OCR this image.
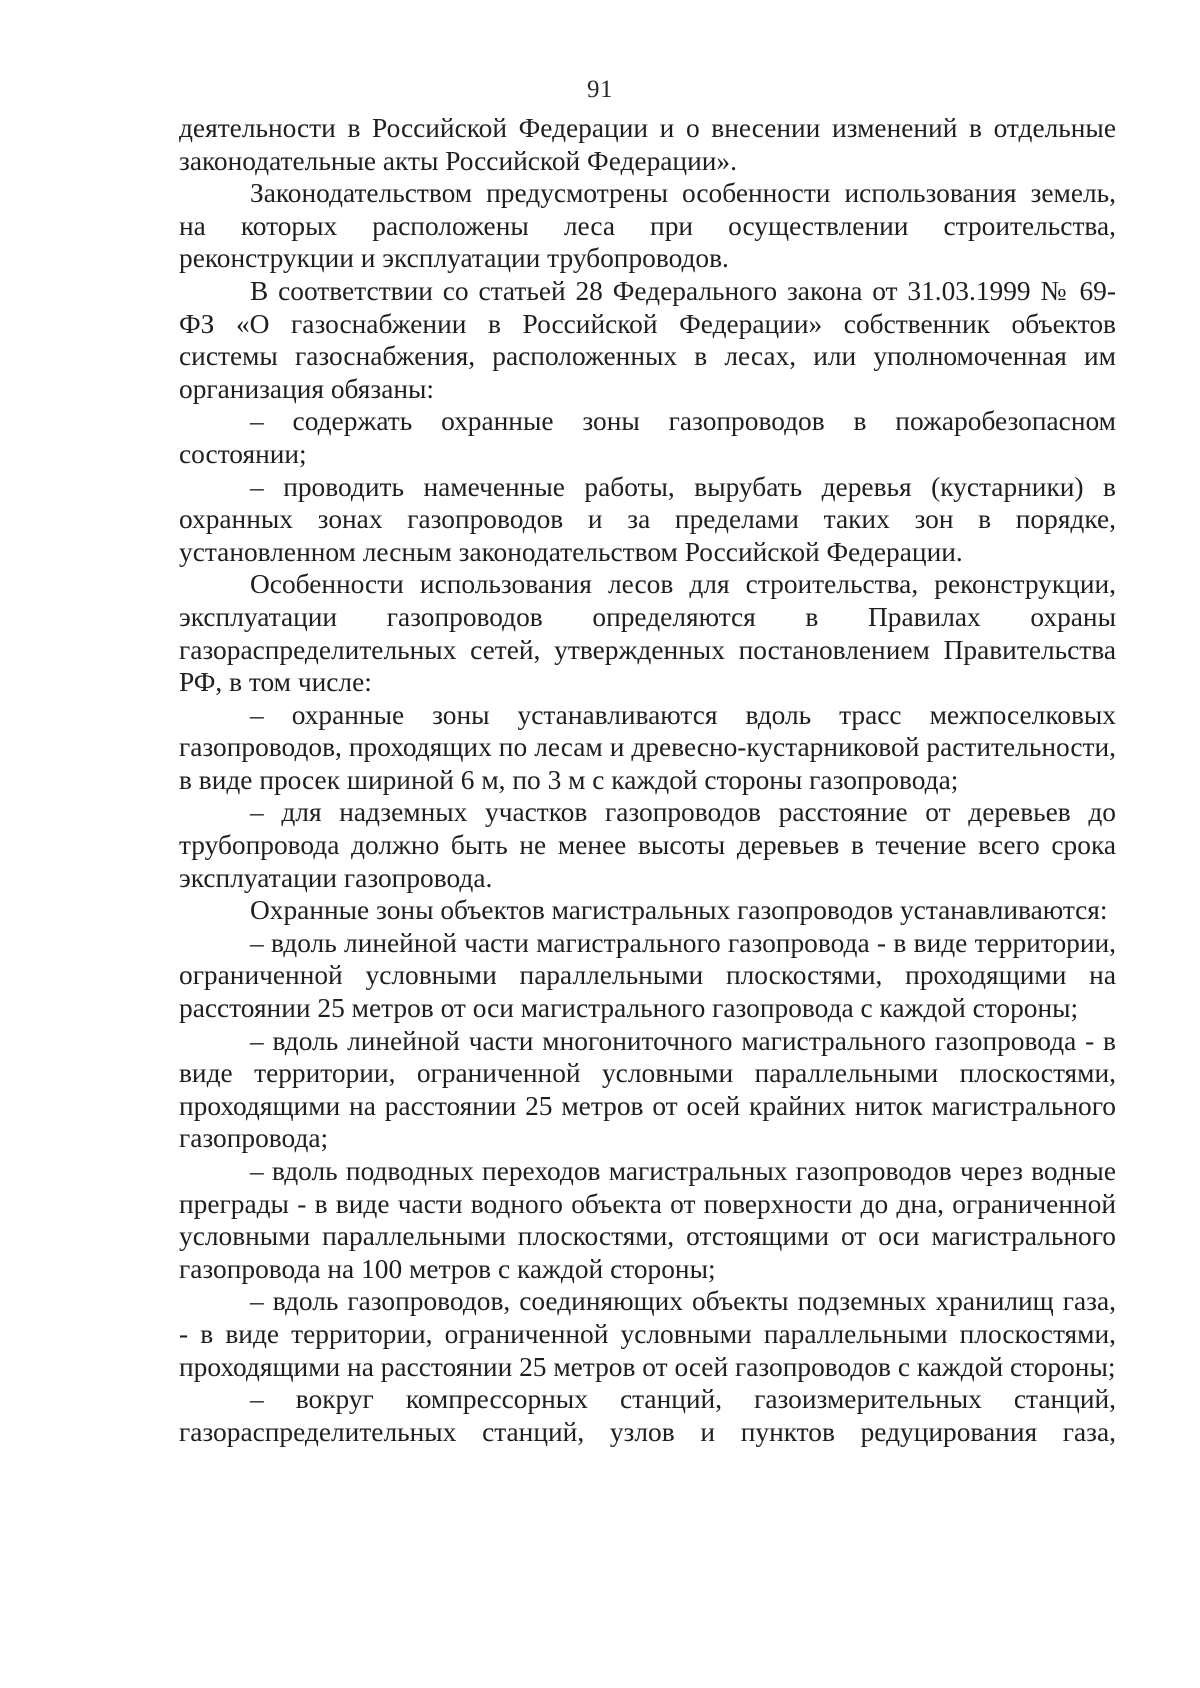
91

деятельности в Российской Федерации и о внесении изменений в отдельные законодательные акты Российской Федерации».

Законодательством предусмотрены особенности использования земель, на которых расположены леса при осуществлении строительства, реконструкции и эксплуатации трубопроводов.

В соответствии со статьей 28 Федерального закона от 31.03.1999 № 69-ФЗ «О газоснабжении в Российской Федерации» собственник объектов системы газоснабжения, расположенных в лесах, или уполномоченная им организация обязаны:

– содержать охранные зоны газопроводов в пожаробезопасном состоянии;

– проводить намеченные работы, вырубать деревья (кустарники) в охранных зонах газопроводов и за пределами таких зон в порядке, установленном лесным законодательством Российской Федерации.

Особенности использования лесов для строительства, реконструкции, эксплуатации газопроводов определяются в Правилах охраны газораспределительных сетей, утвержденных постановлением Правительства РФ, в том числе:

– охранные зоны устанавливаются вдоль трасс межпоселковых газопроводов, проходящих по лесам и древесно-кустарниковой растительности, в виде просек шириной 6 м, по 3 м с каждой стороны газопровода;

– для надземных участков газопроводов расстояние от деревьев до трубопровода должно быть не менее высоты деревьев в течение всего срока эксплуатации газопровода.

Охранные зоны объектов магистральных газопроводов устанавливаются:

– вдоль линейной части магистрального газопровода - в виде территории, ограниченной условными параллельными плоскостями, проходящими на расстоянии 25 метров от оси магистрального газопровода с каждой стороны;

– вдоль линейной части многониточного магистрального газопровода - в виде территории, ограниченной условными параллельными плоскостями, проходящими на расстоянии 25 метров от осей крайних ниток магистрального газопровода;

– вдоль подводных переходов магистральных газопроводов через водные преграды - в виде части водного объекта от поверхности до дна, ограниченной условными параллельными плоскостями, отстоящими от оси магистрального газопровода на 100 метров с каждой стороны;

– вдоль газопроводов, соединяющих объекты подземных хранилищ газа, - в виде территории, ограниченной условными параллельными плоскостями, проходящими на расстоянии 25 метров от осей газопроводов с каждой стороны;

– вокруг компрессорных станций, газоизмерительных станций, газораспределительных станций, узлов и пунктов редуцирования газа,
